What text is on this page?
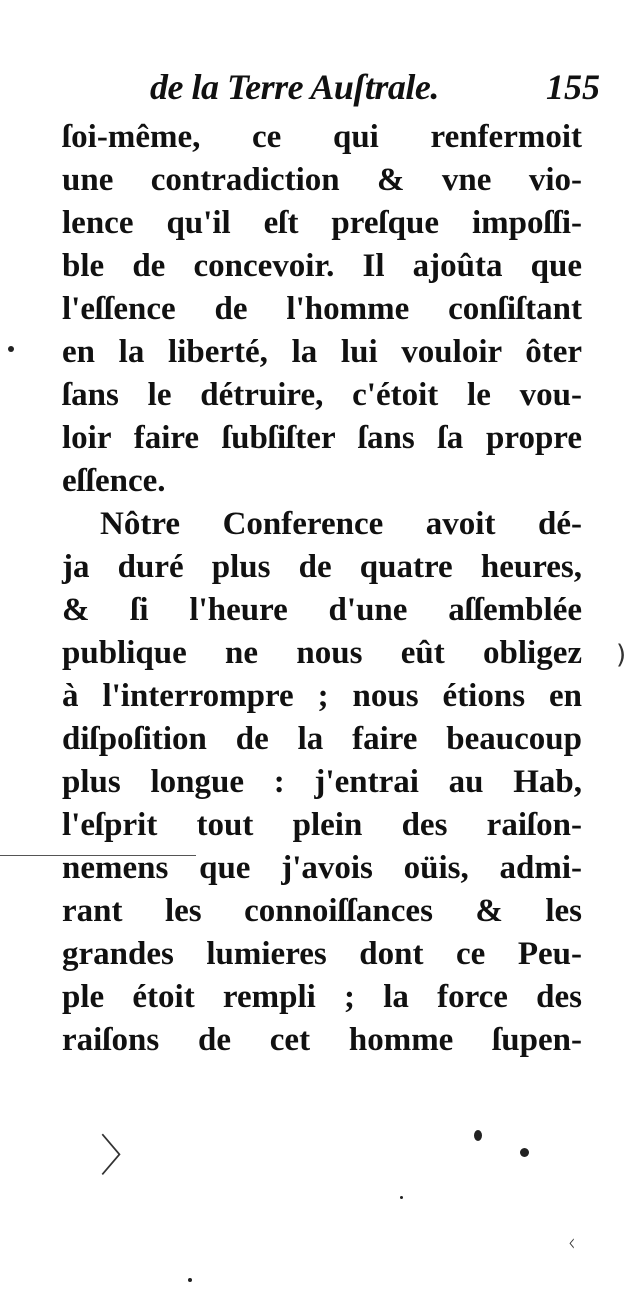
de la Terre Auſtrale.	155
ſoi-même, ce qui renfermoit
une contradiction & vne vio-
lence qu'il eſt preſque impoſſi-
ble de concevoir. Il ajoûta que
l'eſſence de l'homme conſiſtant
en la liberté, la lui vouloir ôter
ſans le détruire, c'étoit le vou-
loir faire ſubſiſter ſans ſa propre
eſſence.
Nôtre Conference avoit dé-
ja duré plus de quatre heures,
& ſi l'heure d'une aſſemblée
publique ne nous eût obligez
à l'interrompre ; nous étions en
diſpoſition de la faire beaucoup
plus longue : j'entrai au Hab,
l'eſprit tout plein des raiſon-
nemens que j'avois oüis, admi-
rant les connoiſſances & les
grandes lumieres dont ce Peu-
ple étoit rempli ; la force des
raiſons de cet homme ſupen-
〉
)
ᚲ
